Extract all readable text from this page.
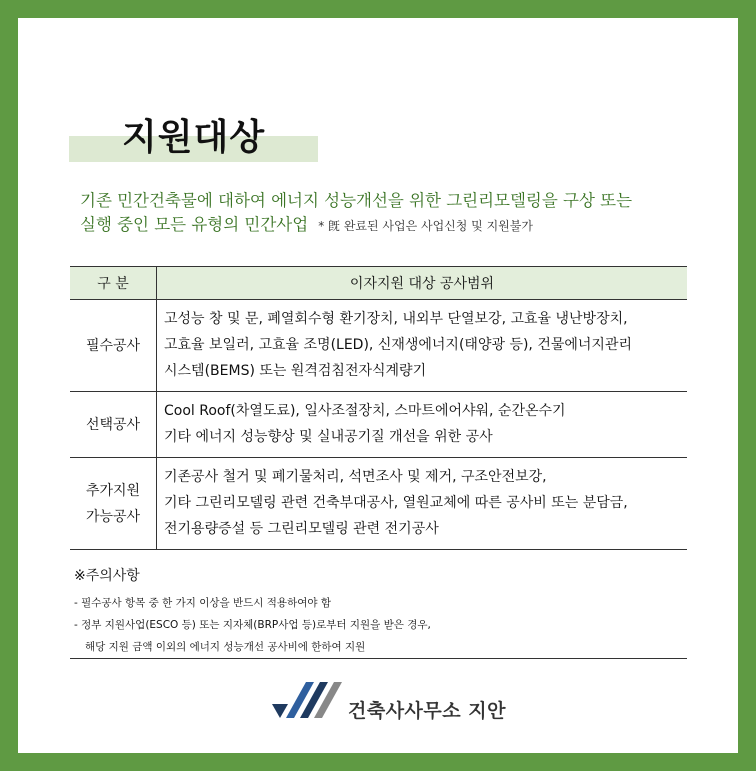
지원대상
기존 민간건축물에 대하여 에너지 성능개선을 위한 그린리모델링을 구상 또는
실행 중인 모든 유형의 민간사업 * 旣 완료된 사업은 사업신청 및 지원불가
구 분	이자지원 대상 공사범위
필수공사	고성능 창 및 문, 폐열회수형 환기장치, 내외부 단열보강, 고효율 냉난방장치,
고효율 보일러, 고효율 조명(LED), 신재생에너지(태양광 등), 건물에너지관리
시스템(BEMS) 또는 원격검침전자식계량기

선택공사	Cool Roof(차열도료), 일사조절장치, 스마트에어샤워, 순간온수기
기타 에너지 성능향상 및 실내공기질 개선을 위한 공사

추가지원
가능공사	기존공사 철거 및 폐기물처리, 석면조사 및 제거, 구조안전보강,
기타 그린리모델링 관련 건축부대공사, 열원교체에 따른 공사비 또는 분담금,
전기용량증설 등 그린리모델링 관련 전기공사
※주의사항
- 필수공사 항목 중 한 가지 이상을 반드시 적용하여야 함
- 정부 지원사업(ESCO 등) 또는 지자체(BRP사업 등)로부터 지원을 받은 경우,
해당 지원 금액 이외의 에너지 성능개선 공사비에 한하여 지원
건축사사무소 지안
